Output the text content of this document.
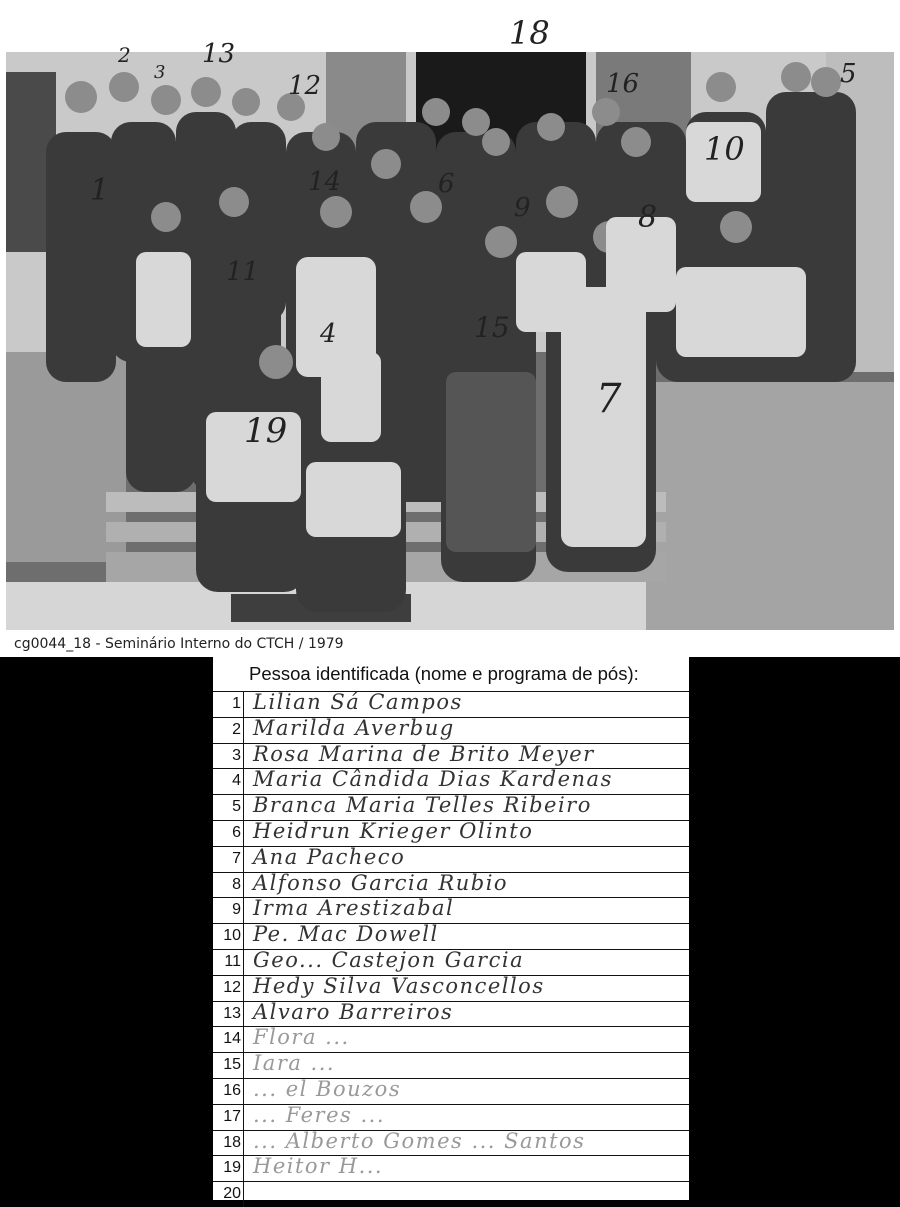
18
2
3
13
12	16	5
10
1	14	6
9
11
8
4	15
7
19
cg0044_18 - Seminário Interno do CTCH / 1979
Pessoa identificada (nome e programa de pós):
1 Lilian Sá Campos
2 Marilda Averbug
3 Rosa Marina de Brito Meyer
4 Maria Cândida Dias Kardenas
5 Branca Maria Telles Ribeiro
6 Heidrun Krieger Olinto
7 Ana Pacheco
8 Alfonso Garcia Rubio
9 Irma Arestizabal
10 Pe. Mac Dowell
11 Geo... Castejon Garcia
12 Hedy Silva Vasconcellos
13 Alvaro Barreiros
14 Flora ...
15 Iara ...
16 ... el Bouzos
17 ... Feres ...
18 ... Alberto Gomes ... Santos
19 Heitor H...
20
